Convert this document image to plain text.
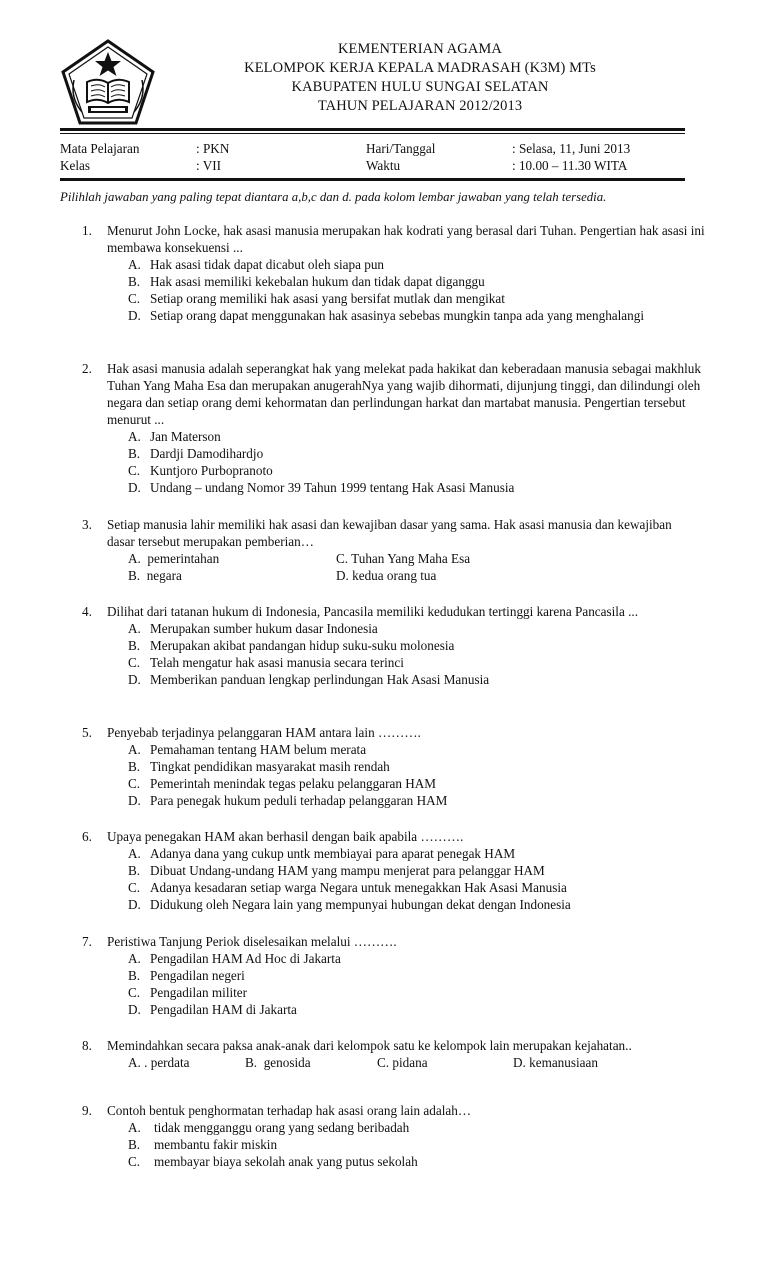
KEMENTERIAN AGAMA
KELOMPOK KERJA KEPALA MADRASAH (K3M) MTs
KABUPATEN HULU SUNGAI SELATAN
TAHUN PELAJARAN 2012/2013
Mata Pelajaran	: PKN	Hari/Tanggal	: Selasa, 11, Juni 2013
Kelas	: VII	Waktu	: 10.00 – 11.30 WITA
Pilihlah jawaban yang paling tepat diantara a,b,c dan d. pada kolom lembar jawaban yang telah tersedia.
1.	Menurut John Locke, hak asasi manusia merupakan hak kodrati yang berasal dari Tuhan. Pengertian hak asasi ini membawa konsekuensi ...
A. Hak asasi tidak dapat dicabut oleh siapa pun
B. Hak asasi memiliki kekebalan hukum dan tidak dapat diganggu
C. Setiap orang memiliki hak asasi yang bersifat mutlak dan mengikat
D. Setiap orang dapat menggunakan hak asasinya sebebas mungkin tanpa ada yang menghalangi
2.	Hak asasi manusia adalah seperangkat hak yang melekat pada hakikat dan keberadaan manusia sebagai makhluk Tuhan Yang Maha Esa dan merupakan anugerahNya yang wajib dihormati, dijunjung tinggi, dan dilindungi oleh negara dan setiap orang demi kehormatan dan perlindungan harkat dan martabat manusia. Pengertian tersebut menurut ...
A. Jan Materson
B. Dardji Damodihardjo
C. Kuntjoro Purbopranoto
D. Undang – undang Nomor 39 Tahun 1999 tentang Hak Asasi Manusia
3.	Setiap manusia lahir memiliki hak asasi dan kewajiban dasar yang sama. Hak asasi manusia dan kewajiban dasar tersebut merupakan pemberian…
A. pemerintahan
B. negara
C. Tuhan Yang Maha Esa
D. kedua orang tua
4.	Dilihat dari tatanan hukum di Indonesia, Pancasila memiliki kedudukan tertinggi karena Pancasila ...
A. Merupakan sumber hukum dasar Indonesia
B. Merupakan akibat pandangan hidup suku-suku molonesia
C. Telah mengatur hak asasi manusia secara terinci
D. Memberikan panduan lengkap perlindungan Hak Asasi Manusia
5.	Penyebab terjadinya pelanggaran HAM antara lain ……….
A. Pemahaman tentang HAM belum merata
B. Tingkat pendidikan masyarakat masih rendah
C. Pemerintah menindak tegas pelaku pelanggaran HAM
D. Para penegak hukum peduli terhadap pelanggaran HAM
6.	Upaya penegakan HAM akan berhasil dengan baik apabila ……….
A. Adanya dana yang cukup untk membiayai para aparat penegak HAM
B. Dibuat Undang-undang HAM yang mampu menjerat para pelanggar HAM
C. Adanya kesadaran setiap warga Negara untuk menegakkan Hak Asasi Manusia
D. Didukung oleh Negara lain yang mempunyai hubungan dekat dengan Indonesia
7.	Peristiwa Tanjung Periok diselesaikan melalui ……….
A. Pengadilan HAM Ad Hoc di Jakarta
B. Pengadilan negeri
C. Pengadilan militer
D. Pengadilan HAM di Jakarta
8.	Memindahkan secara paksa anak-anak dari kelompok satu ke kelompok lain merupakan kejahatan..
A. . perdata	B. genosida	C. pidana	D. kemanusiaan
9.	Contoh bentuk penghormatan terhadap hak asasi orang lain adalah…
A. tidak mengganggu orang yang sedang beribadah
B. membantu fakir miskin
C. membayar biaya sekolah anak yang putus sekolah
